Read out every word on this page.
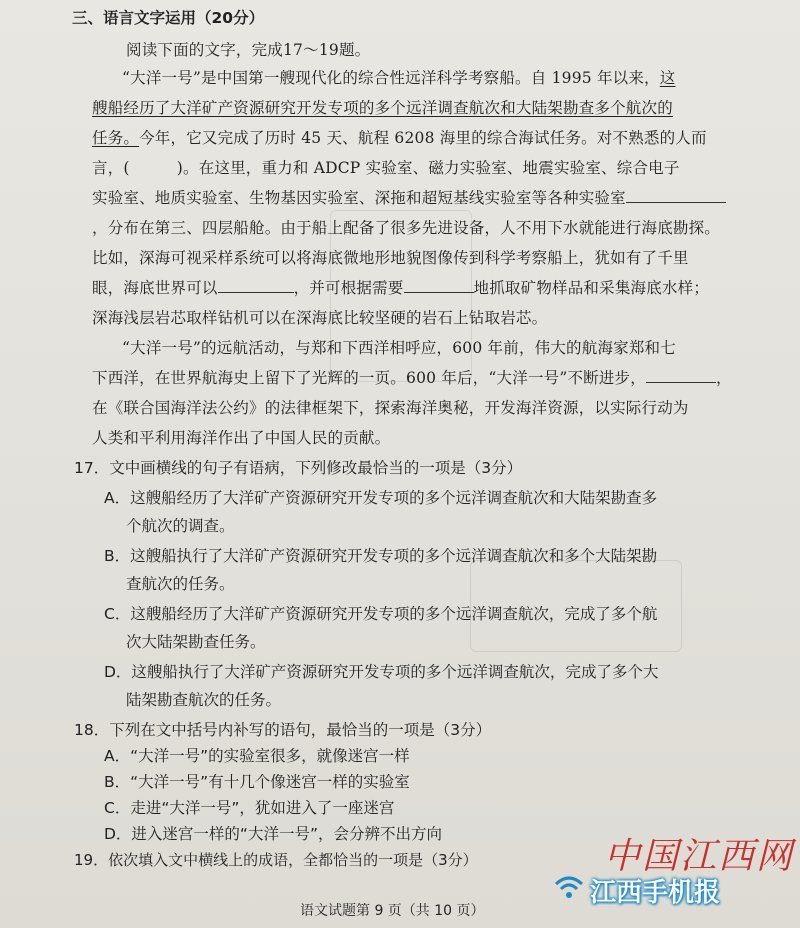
三、语言文字运用（20分）
阅读下面的文字，完成17～19题。
“大洋一号”是中国第一艘现代化的综合性远洋科学考察船。自 1995 年以来，这
艘船经历了大洋矿产资源研究开发专项的多个远洋调查航次和大陆架勘查多个航次的
任务。今年，它又完成了历时 45 天、航程 6208 海里的综合海试任务。对不熟悉的人而
言，(　　　)。在这里，重力和 ADCP 实验室、磁力实验室、地震实验室、综合电子
实验室、地质实验室、生物基因实验室、深拖和超短基线实验室等各种实验室
，分布在第三、四层船舱。由于船上配备了很多先进设备，人不用下水就能进行海底勘探。
比如，深海可视采样系统可以将海底微地形地貌图像传到科学考察船上，犹如有了千里
眼，海底世界可以	，并可根据需要	地抓取矿物样品和采集海底水样；
深海浅层岩芯取样钻机可以在深海底比较坚硬的岩石上钻取岩芯。
“大洋一号”的远航活动，与郑和下西洋相呼应，600 年前，伟大的航海家郑和七
下西洋，在世界航海史上留下了光辉的一页。600 年后，“大洋一号”不断进步，	，
在《联合国海洋法公约》的法律框架下，探索海洋奥秘，开发海洋资源，以实际行动为
人类和平利用海洋作出了中国人民的贡献。
17．文中画横线的句子有语病，下列修改最恰当的一项是（3分）
A．这艘船经历了大洋矿产资源研究开发专项的多个远洋调查航次和大陆架勘查多
个航次的调查。
B．这艘船执行了大洋矿产资源研究开发专项的多个远洋调查航次和多个大陆架勘
查航次的任务。
C．这艘船经历了大洋矿产资源研究开发专项的多个远洋调查航次，完成了多个航
次大陆架勘查任务。
D．这艘船执行了大洋矿产资源研究开发专项的多个远洋调查航次，完成了多个大
陆架勘查航次的任务。
18．下列在文中括号内补写的语句，最恰当的一项是（3分）
A．“大洋一号”的实验室很多，就像迷宫一样
B．“大洋一号”有十几个像迷宫一样的实验室
C．走进“大洋一号”，犹如进入了一座迷宫
D．进入迷宫一样的“大洋一号”，会分辨不出方向
19．依次填入文中横线上的成语，全都恰当的一项是（3分）
语文试题第 9 页（共 10 页）
中国江西网
江西手机报
